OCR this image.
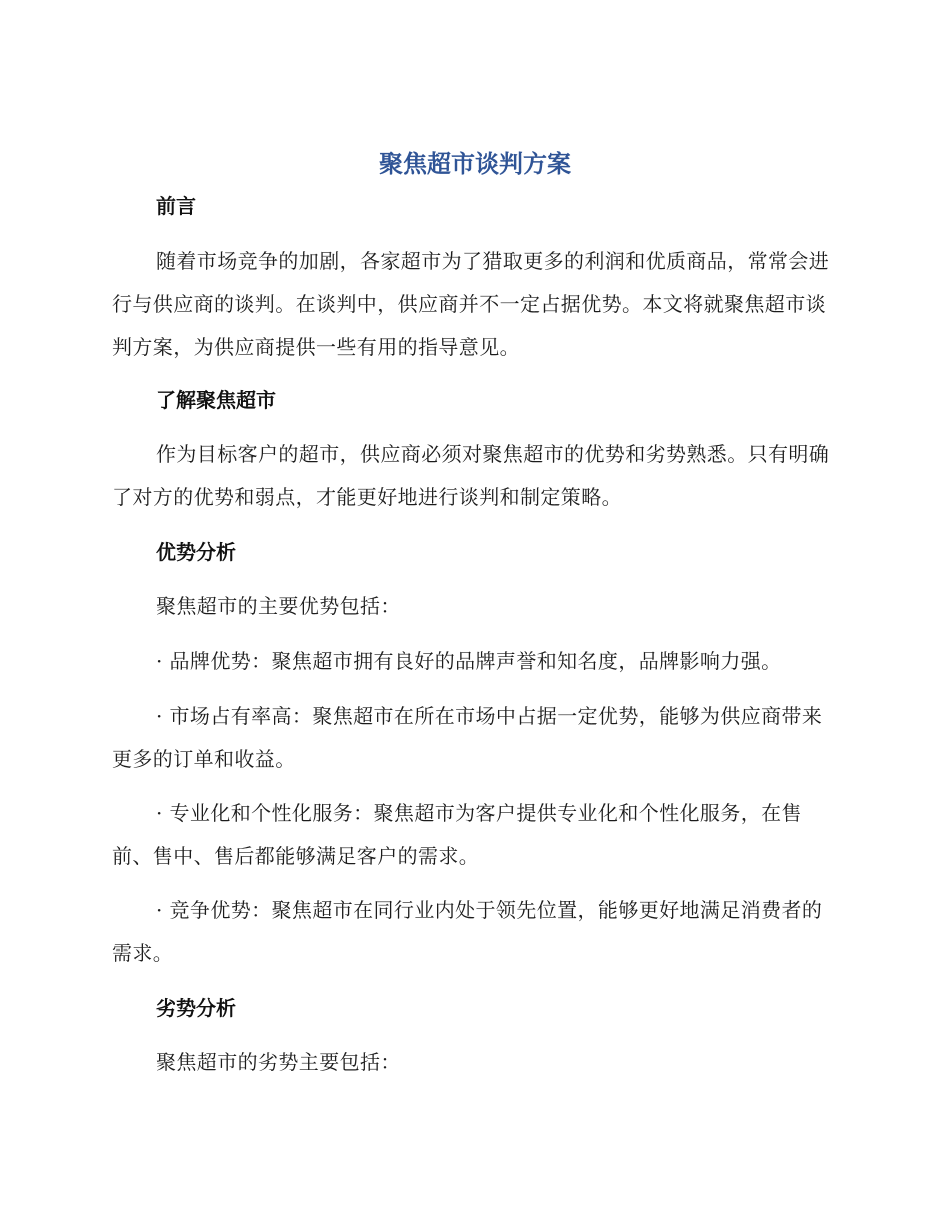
聚焦超市谈判方案
前言

随着市场竞争的加剧，各家超市为了猎取更多的利润和优质商品，常常会进行与供应商的谈判。在谈判中，供应商并不一定占据优势。本文将就聚焦超市谈判方案，为供应商提供一些有用的指导意见。

了解聚焦超市

作为目标客户的超市，供应商必须对聚焦超市的优势和劣势熟悉。只有明确了对方的优势和弱点，才能更好地进行谈判和制定策略。

优势分析

聚焦超市的主要优势包括：

· 品牌优势：聚焦超市拥有良好的品牌声誉和知名度，品牌影响力强。

· 市场占有率高：聚焦超市在所在市场中占据一定优势，能够为供应商带来更多的订单和收益。

· 专业化和个性化服务：聚焦超市为客户提供专业化和个性化服务，在售前、售中、售后都能够满足客户的需求。

· 竞争优势：聚焦超市在同行业内处于领先位置，能够更好地满足消费者的需求。

劣势分析

聚焦超市的劣势主要包括：
